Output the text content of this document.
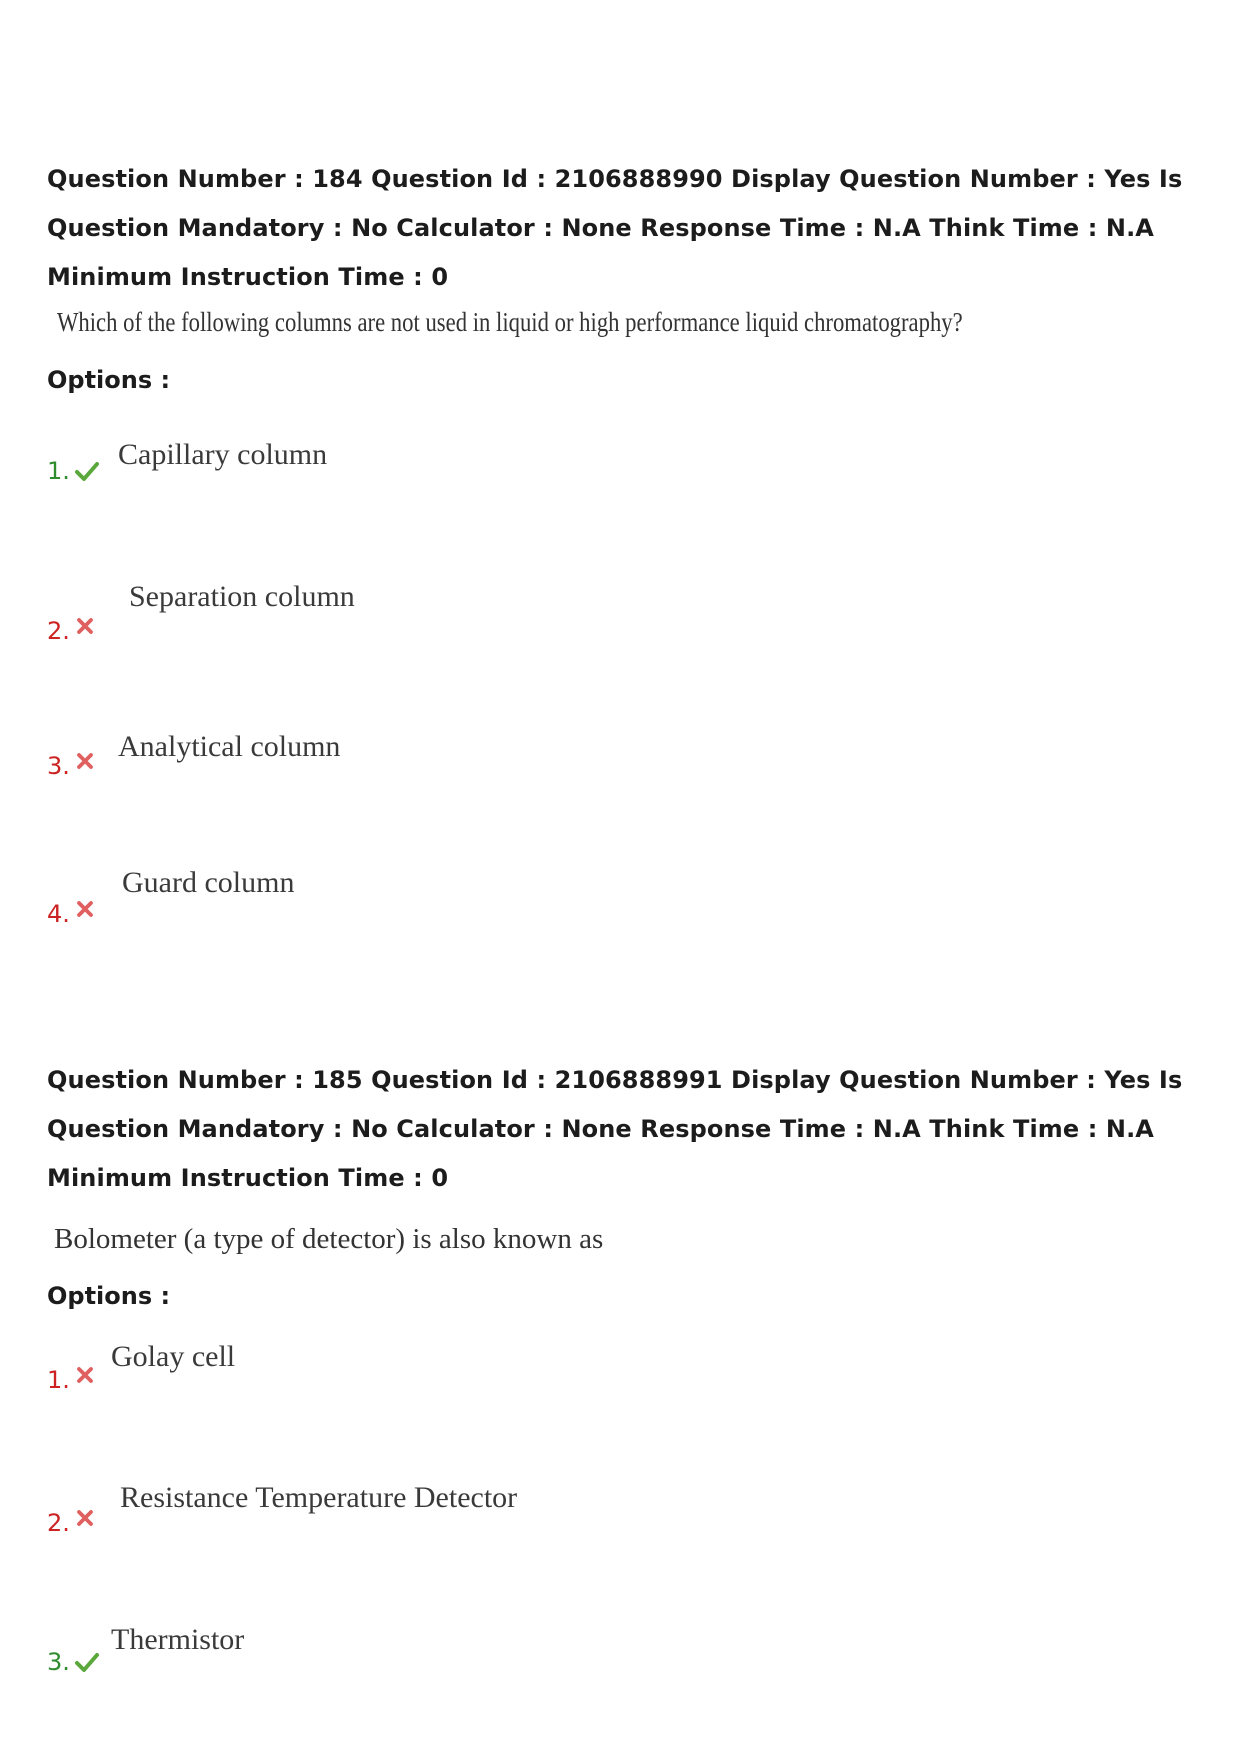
Question Number : 184 Question Id : 2106888990 Display Question Number : Yes Is Question Mandatory : No Calculator : None Response Time : N.A Think Time : N.A Minimum Instruction Time : 0
Which of the following columns are not used in liquid or high performance liquid chromatography?
Options :
1. Capillary column
2.
Separation column
3.
Analytical column
4.
Guard column
Question Number : 185 Question Id : 2106888991 Display Question Number : Yes Is Question Mandatory : No Calculator : None Response Time : N.A Think Time : N.A Minimum Instruction Time : 0
Bolometer (a type of detector) is also known as
Options :
1.
Golay cell
2.
Resistance Temperature Detector
3.
Thermistor
